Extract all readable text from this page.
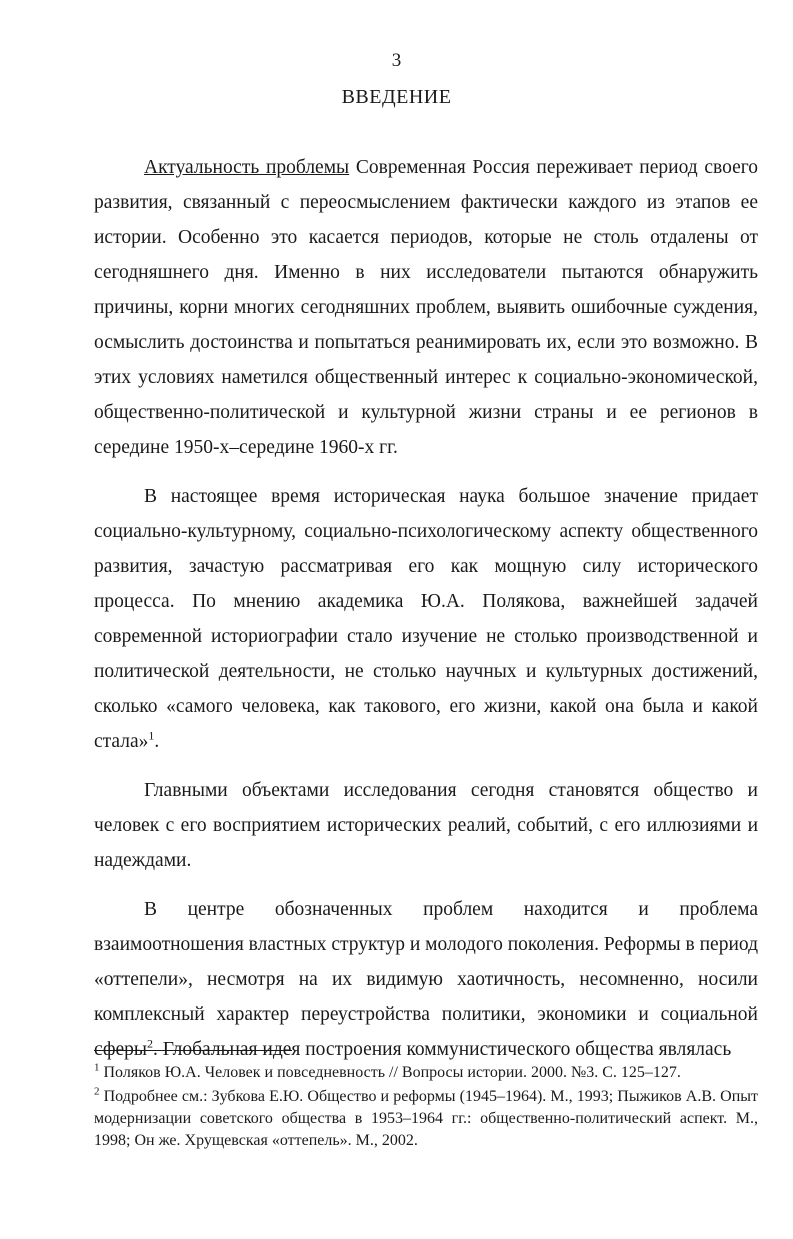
3
ВВЕДЕНИЕ

Актуальность проблемы Современная Россия переживает период своего развития, связанный с переосмыслением фактически каждого из этапов ее истории. Особенно это касается периодов, которые не столь отдалены от сегодняшнего дня. Именно в них исследователи пытаются обнаружить причины, корни многих сегодняшних проблем, выявить ошибочные суждения, осмыслить достоинства и попытаться реанимировать их, если это возможно. В этих условиях наметился общественный интерес к социально-экономической, общественно-политической и культурной жизни страны и ее регионов в середине 1950-х–середине 1960-х гг.

В настоящее время историческая наука большое значение придает социально-культурному, социально-психологическому аспекту общественного развития, зачастую рассматривая его как мощную силу исторического процесса. По мнению академика Ю.А. Полякова, важнейшей задачей современной историографии стало изучение не столько производственной и политической деятельности, не столько научных и культурных достижений, сколько «самого человека, как такового, его жизни, какой она была и какой стала»$^1$.

Главными объектами исследования сегодня становятся общество и человек с его восприятием исторических реалий, событий, с его иллюзиями и надеждами.

В центре обозначенных проблем находится и проблема взаимоотношения властных структур и молодого поколения. Реформы в период «оттепели», несмотря на их видимую хаотичность, несомненно, носили комплексный характер переустройства политики, экономики и социальной сферы$^2$. Глобальная идея построения коммунистического общества являлась

$^1$ Поляков Ю.А. Человек и повседневность // Вопросы истории. 2000. №3. С. 125–127.
$^2$ Подробнее см.: Зубкова Е.Ю. Общество и реформы (1945–1964). М., 1993; Пыжиков А.В. Опыт модернизации советского общества в 1953–1964 гг.: общественно-политический аспект. М., 1998; Он же. Хрущевская «оттепель». М., 2002.
